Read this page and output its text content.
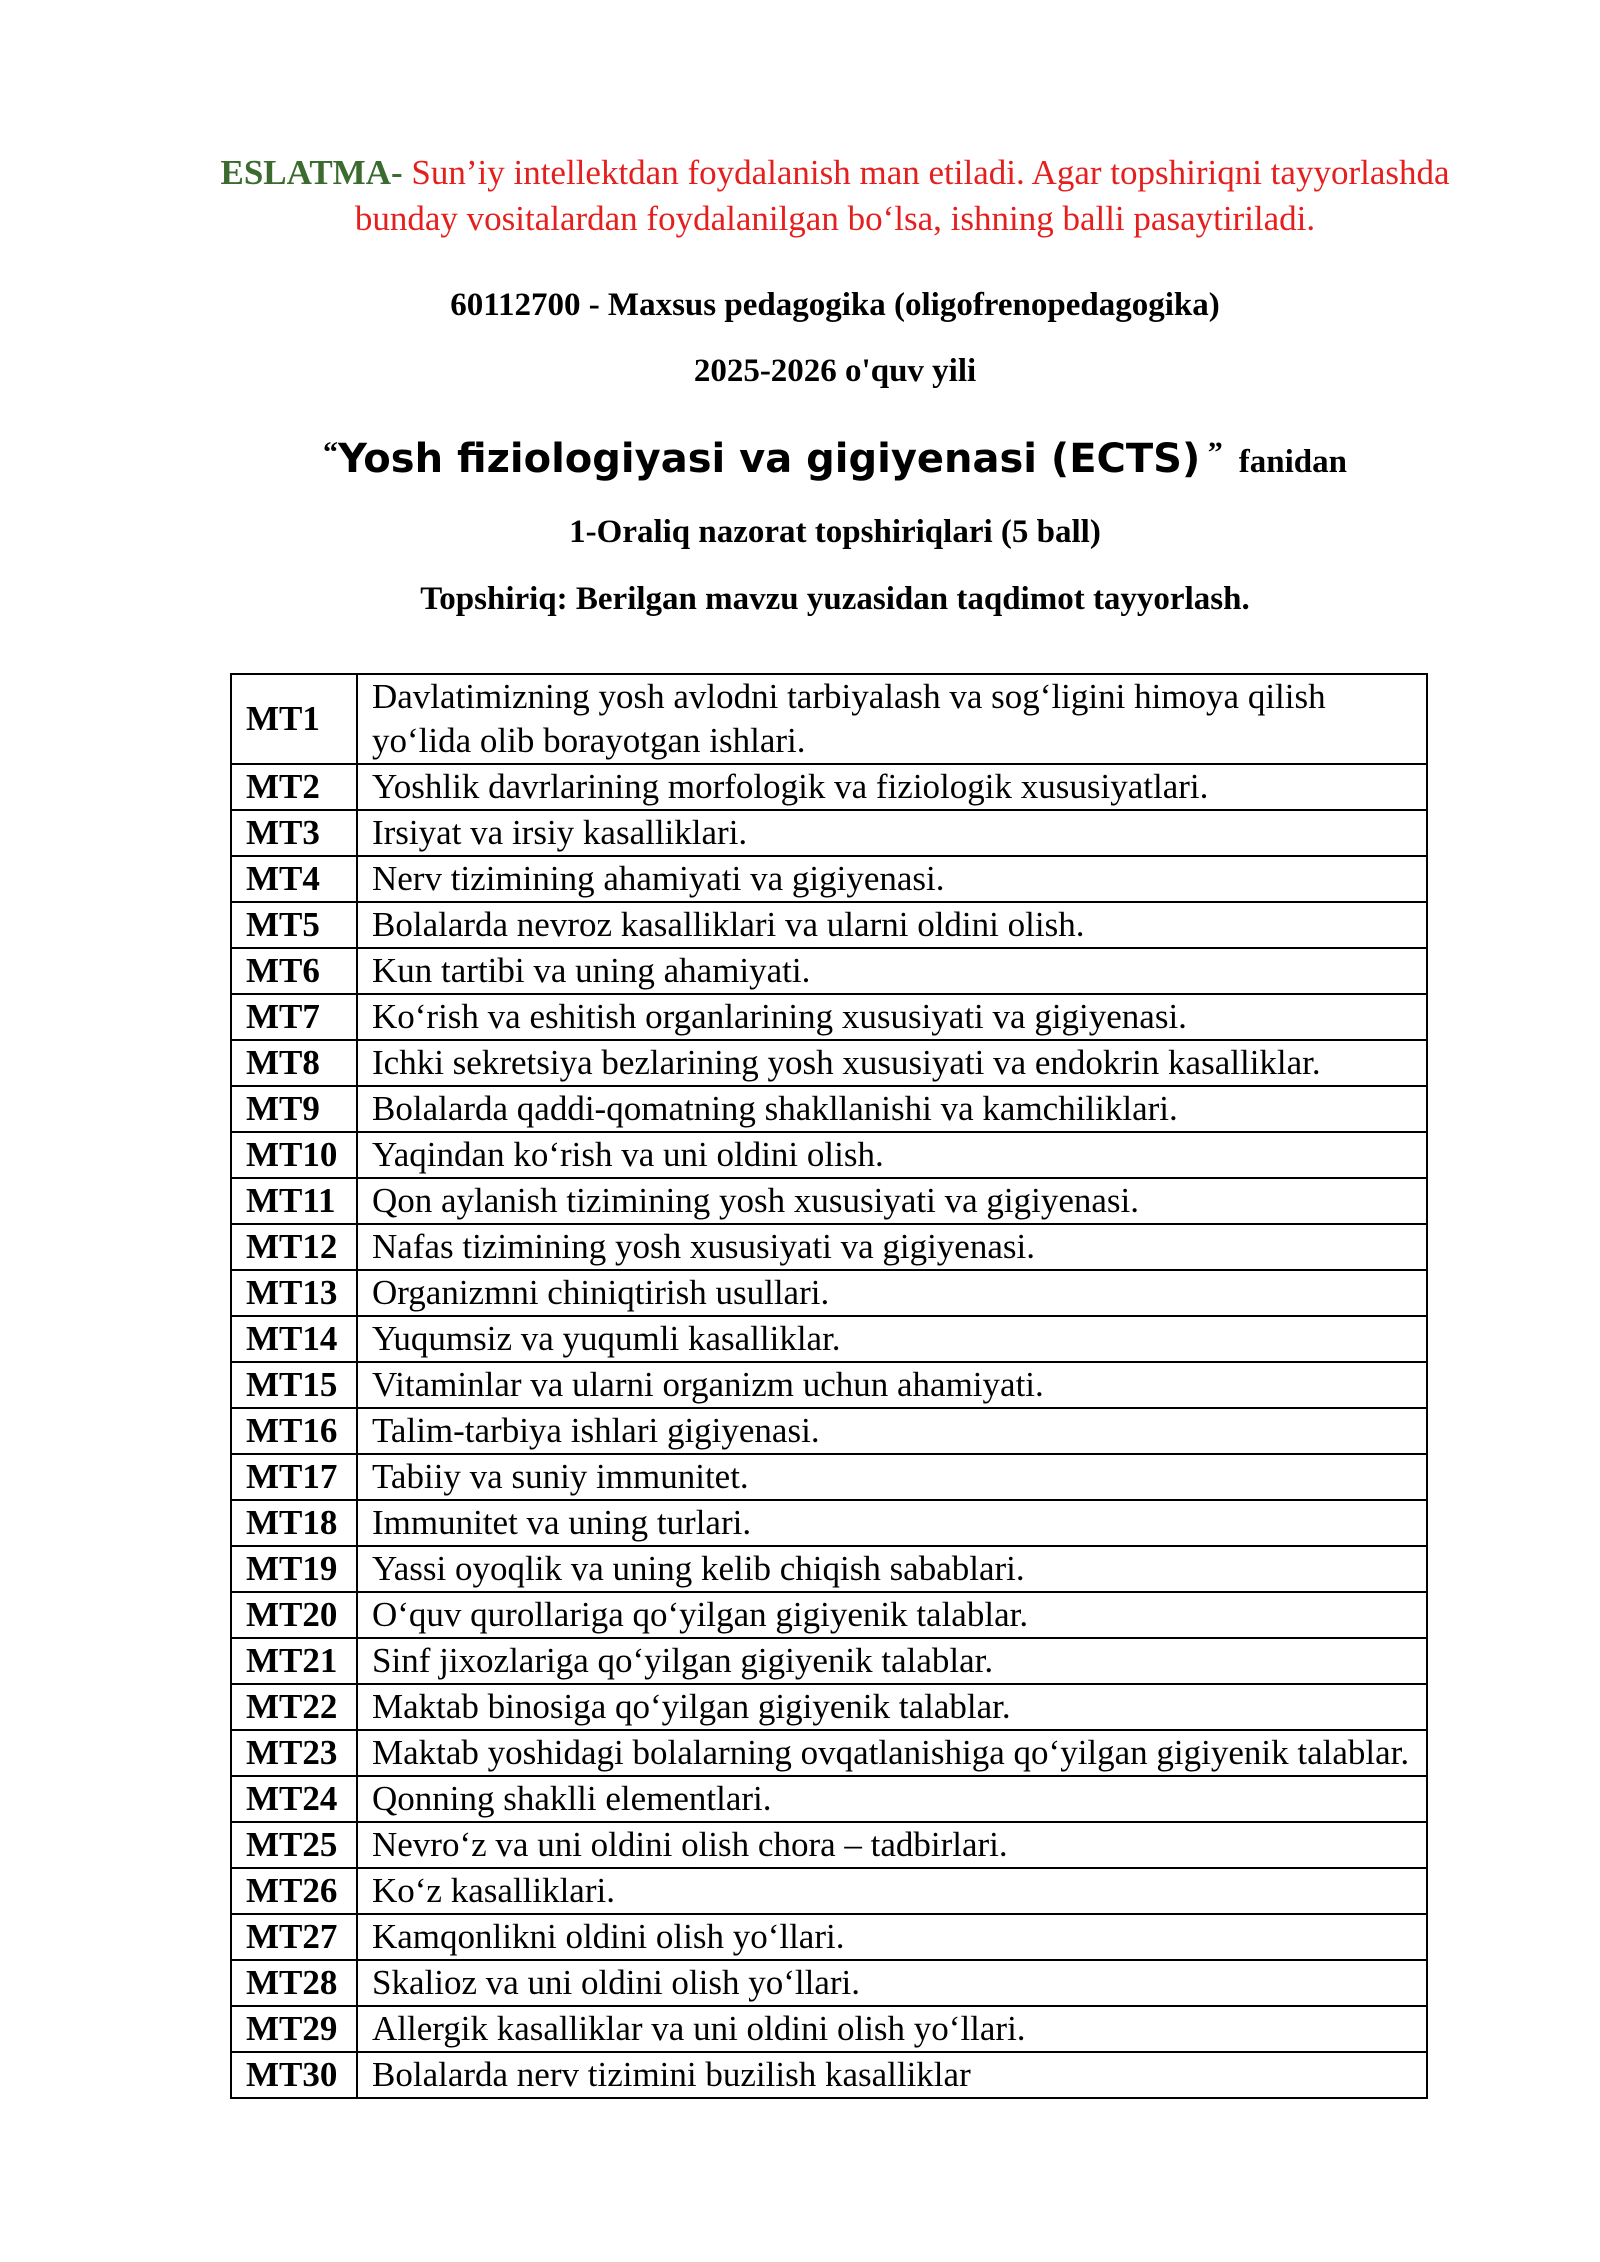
ESLATMA- Sun’iy intellektdan foydalanish man etiladi. Agar topshiriqni tayyorlashda bunday vositalardan foydalanilgan bo‘lsa, ishning balli pasaytiriladi.
60112700 - Maxsus pedagogika (oligofrenopedagogika)
2025-2026 o'quv yili
“Yosh fiziologiyasi va gigiyenasi (ECTS) ” fanidan
1-Oraliq nazorat topshiriqlari (5 ball)
Topshiriq: Berilgan mavzu yuzasidan taqdimot tayyorlash.
MT1	Davlatimizning yosh avlodni tarbiyalash va sog‘ligini himoya qilish yo‘lida olib borayotgan ishlari.
MT2	Yoshlik davrlarining morfologik va fiziologik xususiyatlari.
MT3	Irsiyat va irsiy kasalliklari.
MT4	Nerv tizimining ahamiyati va gigiyenasi.
MT5	Bolalarda nevroz kasalliklari va ularni oldini olish.
MT6	Kun tartibi va uning ahamiyati.
MT7	Ko‘rish va eshitish organlarining xususiyati va gigiyenasi.
MT8	Ichki sekretsiya bezlarining yosh xususiyati va endokrin kasalliklar.
MT9	Bolalarda qaddi-qomatning shakllanishi va kamchiliklari.
MT10	Yaqindan ko‘rish va uni oldini olish.
MT11	Qon aylanish tizimining yosh xususiyati va gigiyenasi.
MT12	Nafas tizimining yosh xususiyati va gigiyenasi.
MT13	Organizmni chiniqtirish usullari.
MT14	Yuqumsiz va yuqumli kasalliklar.
MT15	Vitaminlar va ularni organizm uchun ahamiyati.
MT16	Talim-tarbiya ishlari gigiyenasi.
MT17	Tabiiy va suniy immunitet.
MT18	Immunitet va uning turlari.
MT19	Yassi oyoqlik va uning kelib chiqish sabablari.
MT20	O‘quv qurollariga qo‘yilgan gigiyenik talablar.
MT21	Sinf jixozlariga qo‘yilgan gigiyenik talablar.
MT22	Maktab binosiga qo‘yilgan gigiyenik talablar.
MT23	Maktab yoshidagi bolalarning ovqatlanishiga qo‘yilgan gigiyenik talablar.
MT24	Qonning shaklli elementlari.
MT25	Nevro‘z va uni oldini olish chora – tadbirlari.
MT26	Ko‘z kasalliklari.
MT27	Kamqonlikni oldini olish yo‘llari.
MT28	Skalioz va uni oldini olish yo‘llari.
MT29	Allergik kasalliklar va uni oldini olish yo‘llari.
MT30	Bolalarda nerv tizimini buzilish kasalliklar
